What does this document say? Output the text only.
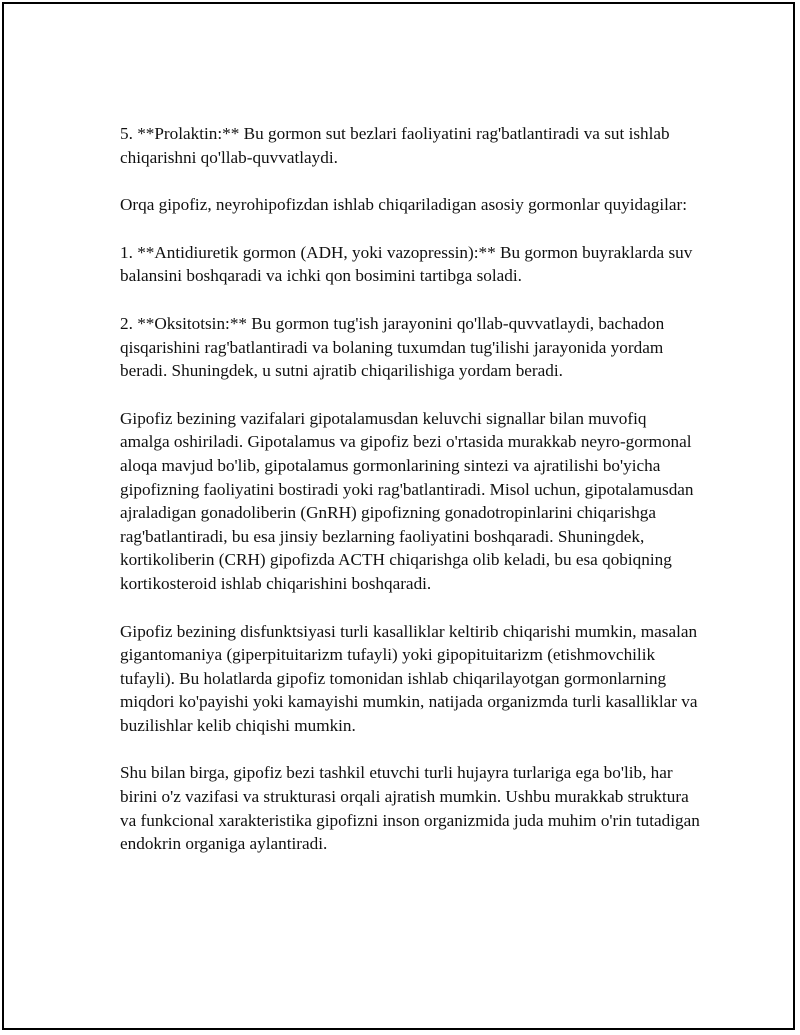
5. **Prolaktin:** Bu gormon sut bezlari faoliyatini rag'batlantiradi va sut ishlab chiqarishni qo'llab-quvvatlaydi.

Orqa gipofiz, neyrohipofizdan ishlab chiqariladigan asosiy gormonlar quyidagilar:

1. **Antidiuretik gormon (ADH, yoki vazopressin):** Bu gormon buyraklarda suv balansini boshqaradi va ichki qon bosimini tartibga soladi.

2. **Oksitotsin:** Bu gormon tug'ish jarayonini qo'llab-quvvatlaydi, bachadon qisqarishini rag'batlantiradi va bolaning tuxumdan tug'ilishi jarayonida yordam beradi. Shuningdek, u sutni ajratib chiqarilishiga yordam beradi.

Gipofiz bezining vazifalari gipotalamusdan keluvchi signallar bilan muvofiq amalga oshiriladi. Gipotalamus va gipofiz bezi o'rtasida murakkab neyro-gormonal aloqa mavjud bo'lib, gipotalamus gormonlarining sintezi va ajratilishi bo'yicha gipofizning faoliyatini bostiradi yoki rag'batlantiradi. Misol uchun, gipotalamusdan ajraladigan gonadoliberin (GnRH) gipofizning gonadotropinlarini chiqarishga rag'batlantiradi, bu esa jinsiy bezlarning faoliyatini boshqaradi. Shuningdek, kortikoliberin (CRH) gipofizda ACTH chiqarishga olib keladi, bu esa qobiqning kortikosteroid ishlab chiqarishini boshqaradi.

Gipofiz bezining disfunktsiyasi turli kasalliklar keltirib chiqarishi mumkin, masalan gigantomaniya (giperpituitarizm tufayli) yoki gipopituitarizm (etishmovchilik tufayli). Bu holatlarda gipofiz tomonidan ishlab chiqarilayotgan gormonlarning miqdori ko'payishi yoki kamayishi mumkin, natijada organizmda turli kasalliklar va buzilishlar kelib chiqishi mumkin.

Shu bilan birga, gipofiz bezi tashkil etuvchi turli hujayra turlariga ega bo'lib, har birini o'z vazifasi va strukturasi orqali ajratish mumkin. Ushbu murakkab struktura va funkcional xarakteristika gipofizni inson organizmida juda muhim o'rin tutadigan endokrin organiga aylantiradi.
